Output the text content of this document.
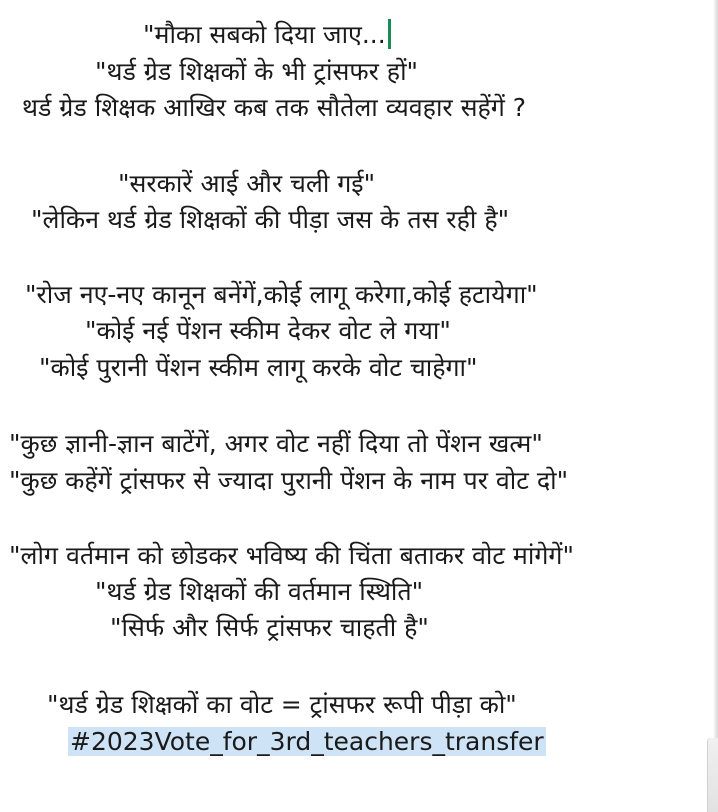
"मौका सबको दिया जाए...
"थर्ड ग्रेड शिक्षकों के भी ट्रांसफर हों"
थर्ड ग्रेड शिक्षक आखिर कब तक सौतेला व्यवहार सहेंगें ?
"सरकारें आई और चली गई"
"लेकिन थर्ड ग्रेड शिक्षकों की पीड़ा जस के तस रही है"
"रोज नए-नए कानून बनेंगें,कोई लागू करेगा,कोई हटायेगा"
"कोई नई पेंशन स्कीम देकर वोट ले गया"
"कोई पुरानी पेंशन स्कीम लागू करके वोट चाहेगा"
"कुछ ज्ञानी-ज्ञान बाटेंगें, अगर वोट नहीं दिया तो पेंशन खत्म"
"कुछ कहेंगें ट्रांसफर से ज्यादा पुरानी पेंशन के नाम पर वोट दो"
"लोग वर्तमान को छोडकर भविष्य की चिंता बताकर वोट मांगेगें"
"थर्ड ग्रेड शिक्षकों की वर्तमान स्थिति"
"सिर्फ और सिर्फ ट्रांसफर चाहती है"
"थर्ड ग्रेड शिक्षकों का वोट = ट्रांसफर रूपी पीड़ा को"
#2023Vote_for_3rd_teachers_transfer
